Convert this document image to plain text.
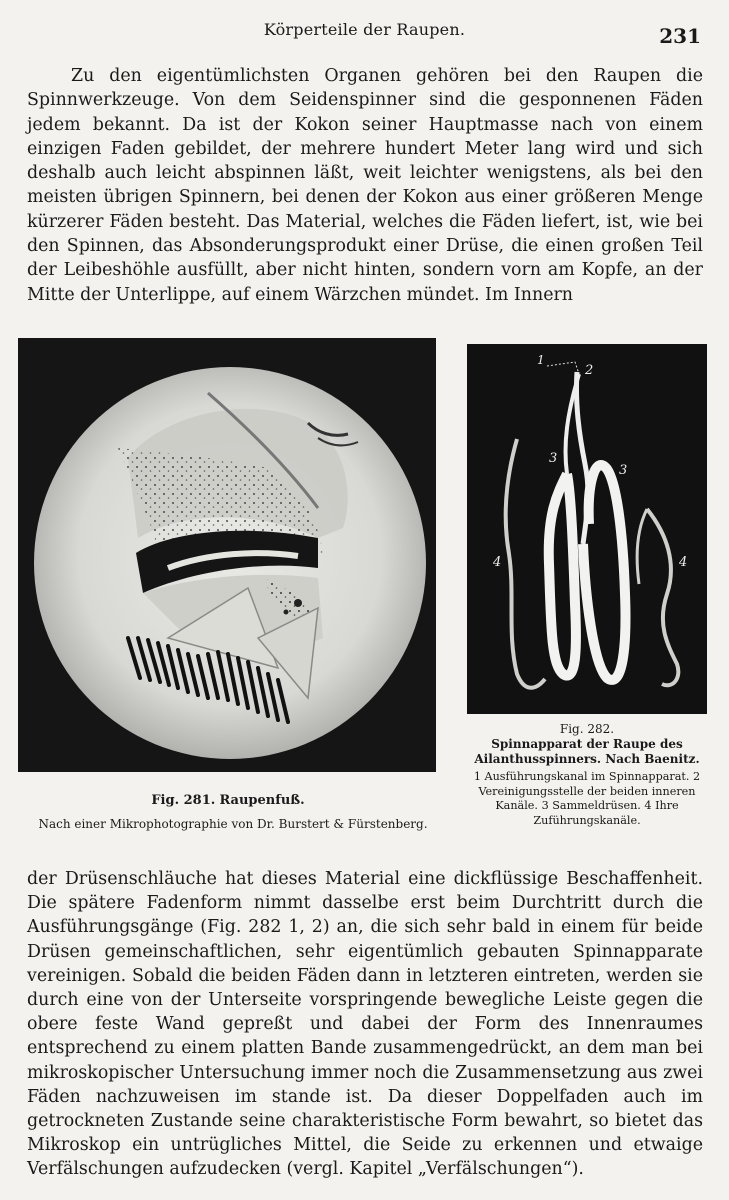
Körperteile der Raupen.	231

Zu den eigentümlichsten Organen gehören bei den Raupen die Spinnwerkzeuge. Von dem Seidenspinner sind die gesponnenen Fäden jedem bekannt. Da ist der Kokon seiner Hauptmasse nach von einem einzigen Faden gebildet, der mehrere hundert Meter lang wird und sich deshalb auch leicht abspinnen läßt, weit leichter wenigstens, als bei den meisten übrigen Spinnern, bei denen der Kokon aus einer größeren Menge kürzerer Fäden besteht. Das Material, welches die Fäden liefert, ist, wie bei den Spinnen, das Absonderungsprodukt einer Drüse, die einen großen Teil der Leibeshöhle ausfüllt, aber nicht hinten, sondern vorn am Kopfe, an der Mitte der Unterlippe, auf einem Wärzchen mündet. Im Innern

Fig. 281. Raupenfuß.
Nach einer Mikrophotographie von Dr. Burstert & Fürstenberg.
1
2
3
3
4	4
Fig. 282.
Spinnapparat der Raupe des Ailanthusspinners. Nach Baenitz.
1 Ausführungskanal im Spinnapparat. 2 Vereinigungsstelle der beiden inneren Kanäle. 3 Sammeldrüsen. 4 Ihre Zuführungskanäle.

der Drüsenschläuche hat dieses Material eine dickflüssige Beschaffenheit. Die spätere Fadenform nimmt dasselbe erst beim Durchtritt durch die Ausführungsgänge (Fig. 282 1, 2) an, die sich sehr bald in einem für beide Drüsen gemeinschaftlichen, sehr eigentümlich gebauten Spinnapparate vereinigen. Sobald die beiden Fäden dann in letzteren eintreten, werden sie durch eine von der Unterseite vorspringende bewegliche Leiste gegen die obere feste Wand gepreßt und dabei der Form des Innenraumes entsprechend zu einem platten Bande zusammengedrückt, an dem man bei mikroskopischer Untersuchung immer noch die Zusammensetzung aus zwei Fäden nachzuweisen im stande ist. Da dieser Doppelfaden auch im getrockneten Zustande seine charakteristische Form bewahrt, so bietet das Mikroskop ein untrügliches Mittel, die Seide zu erkennen und etwaige Verfälschungen aufzudecken (vergl. Kapitel „Verfälschungen“).
